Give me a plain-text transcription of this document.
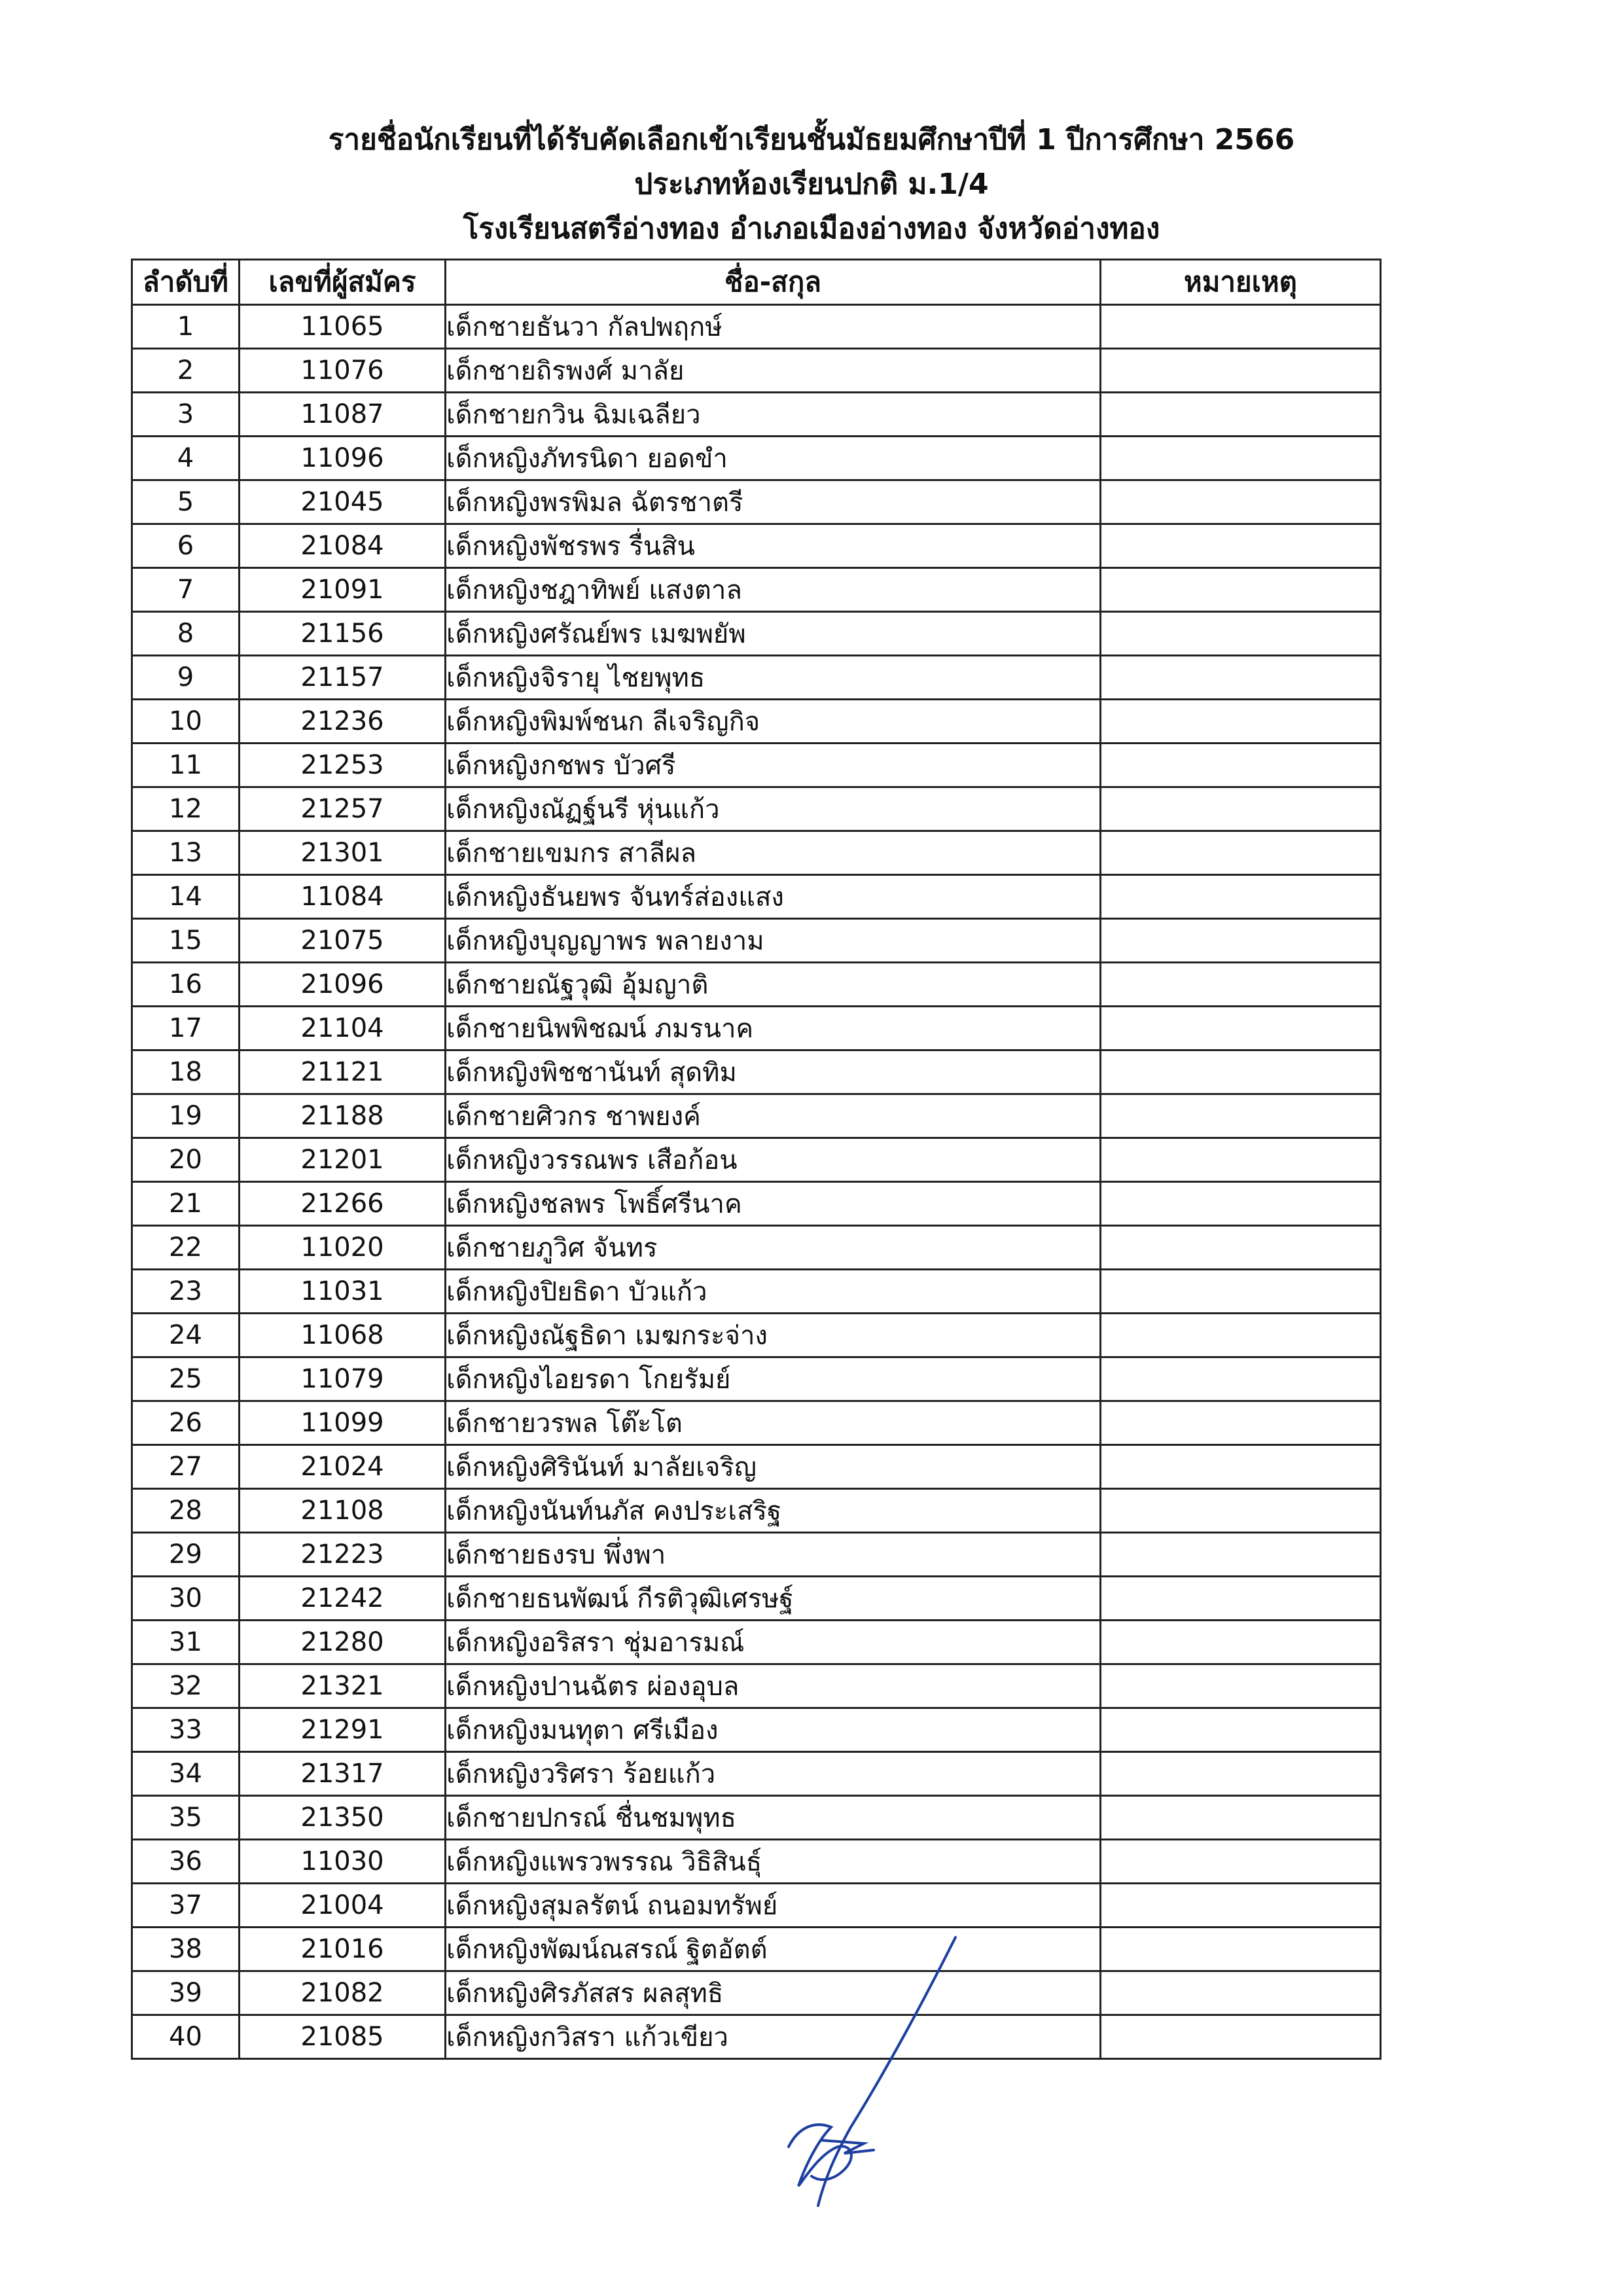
รายชื่อนักเรียนที่ได้รับคัดเลือกเข้าเรียนชั้นมัธยมศึกษาปีที่ 1 ปีการศึกษา 2566
ประเภทห้องเรียนปกติ ม.1/4
โรงเรียนสตรีอ่างทอง อำเภอเมืองอ่างทอง จังหวัดอ่างทอง
ลำดับที่	เลขที่ผู้สมัคร	ชื่อ-สกุล	หมายเหตุ
1	11065	เด็กชายธันวา กัลปพฤกษ์	
2	11076	เด็กชายถิรพงศ์ มาลัย	
3	11087	เด็กชายกวิน ฉิมเฉลียว	
4	11096	เด็กหญิงภัทรนิดา ยอดขำ	
5	21045	เด็กหญิงพรพิมล ฉัตรชาตรี	
6	21084	เด็กหญิงพัชรพร รื่นสิน	
7	21091	เด็กหญิงชฎาทิพย์ แสงตาล	
8	21156	เด็กหญิงศรัณย์พร เมฆพยัพ	
9	21157	เด็กหญิงจิรายุ ไชยพุทธ	
10	21236	เด็กหญิงพิมพ์ชนก ลีเจริญกิจ	
11	21253	เด็กหญิงกชพร บัวศรี	
12	21257	เด็กหญิงณัฏฐ์นรี หุ่นแก้ว	
13	21301	เด็กชายเขมกร สาลีผล	
14	11084	เด็กหญิงธันยพร จันทร์ส่องแสง	
15	21075	เด็กหญิงบุญญาพร พลายงาม	
16	21096	เด็กชายณัฐวุฒิ อุ้มญาติ	
17	21104	เด็กชายนิพพิชฌน์ ภมรนาค	
18	21121	เด็กหญิงพิชชานันท์ สุดทิม	
19	21188	เด็กชายศิวกร ชาพยงค์	
20	21201	เด็กหญิงวรรณพร เสือก้อน	
21	21266	เด็กหญิงชลพร โพธิ์ศรีนาค	
22	11020	เด็กชายภูวิศ จันทร	
23	11031	เด็กหญิงปิยธิดา บัวแก้ว	
24	11068	เด็กหญิงณัฐธิดา เมฆกระจ่าง	
25	11079	เด็กหญิงไอยรดา โกยรัมย์	
26	11099	เด็กชายวรพล โต๊ะโต	
27	21024	เด็กหญิงศิรินันท์ มาลัยเจริญ	
28	21108	เด็กหญิงนันท์นภัส คงประเสริฐ	
29	21223	เด็กชายธงรบ พึ่งพา	
30	21242	เด็กชายธนพัฒน์ กีรติวุฒิเศรษฐ์	
31	21280	เด็กหญิงอริสรา ชุ่มอารมณ์	
32	21321	เด็กหญิงปานฉัตร ผ่องอุบล	
33	21291	เด็กหญิงมนทุตา ศรีเมือง	
34	21317	เด็กหญิงวริศรา ร้อยแก้ว	
35	21350	เด็กชายปกรณ์ ชื่นชมพุทธ	
36	11030	เด็กหญิงแพรวพรรณ วิธิสินธุ์	
37	21004	เด็กหญิงสุมลรัตน์ ถนอมทรัพย์	
38	21016	เด็กหญิงพัฒน์ณสรณ์ ฐิตอัตต์	
39	21082	เด็กหญิงศิรภัสสร ผลสุทธิ	
40	21085	เด็กหญิงกวิสรา แก้วเขียว	
